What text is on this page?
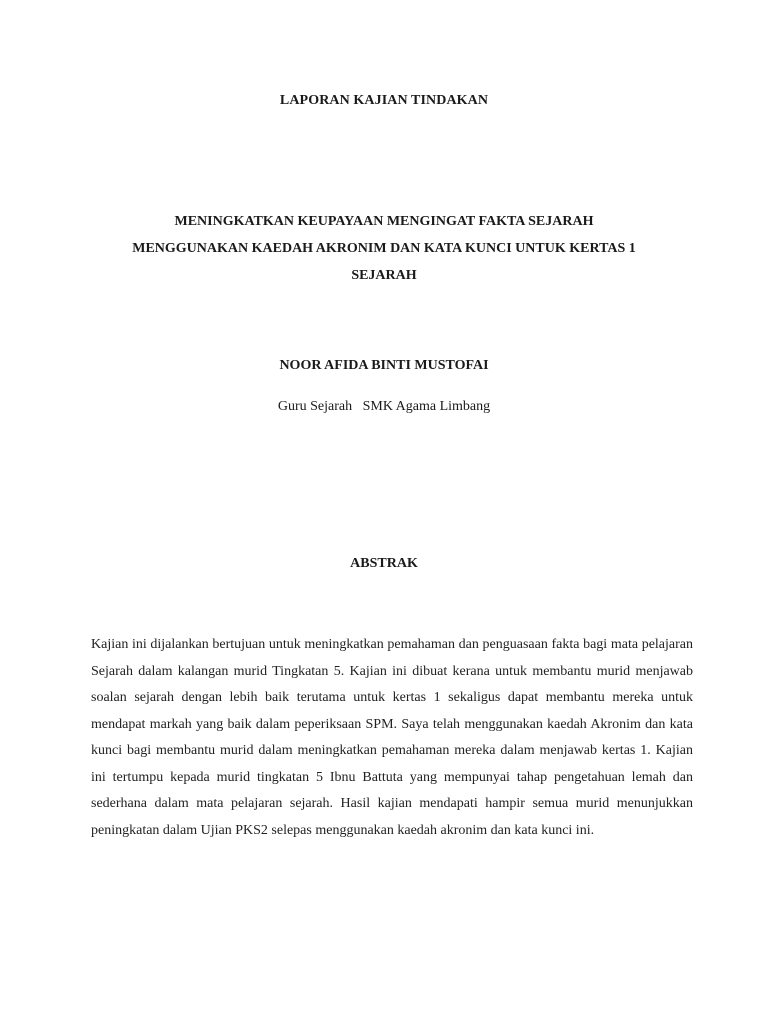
LAPORAN KAJIAN TINDAKAN
MENINGKATKAN KEUPAYAAN MENGINGAT FAKTA SEJARAH
MENGGUNAKAN KAEDAH AKRONIM DAN KATA KUNCI UNTUK KERTAS 1
SEJARAH
NOOR AFIDA BINTI MUSTOFAI
Guru Sejarah   SMK Agama Limbang
ABSTRAK

Kajian ini dijalankan bertujuan untuk meningkatkan pemahaman dan penguasaan fakta bagi mata pelajaran Sejarah dalam kalangan murid Tingkatan 5. Kajian ini dibuat kerana untuk membantu murid menjawab soalan sejarah dengan lebih baik terutama untuk kertas 1 sekaligus dapat membantu mereka untuk mendapat markah yang baik dalam peperiksaan SPM. Saya telah menggunakan kaedah Akronim dan kata kunci bagi membantu murid dalam meningkatkan pemahaman mereka dalam menjawab kertas 1. Kajian ini tertumpu kepada murid tingkatan 5 Ibnu Battuta yang mempunyai tahap pengetahuan lemah dan sederhana dalam mata pelajaran sejarah. Hasil kajian mendapati hampir semua murid menunjukkan peningkatan dalam Ujian PKS2 selepas menggunakan kaedah akronim dan kata kunci ini.
